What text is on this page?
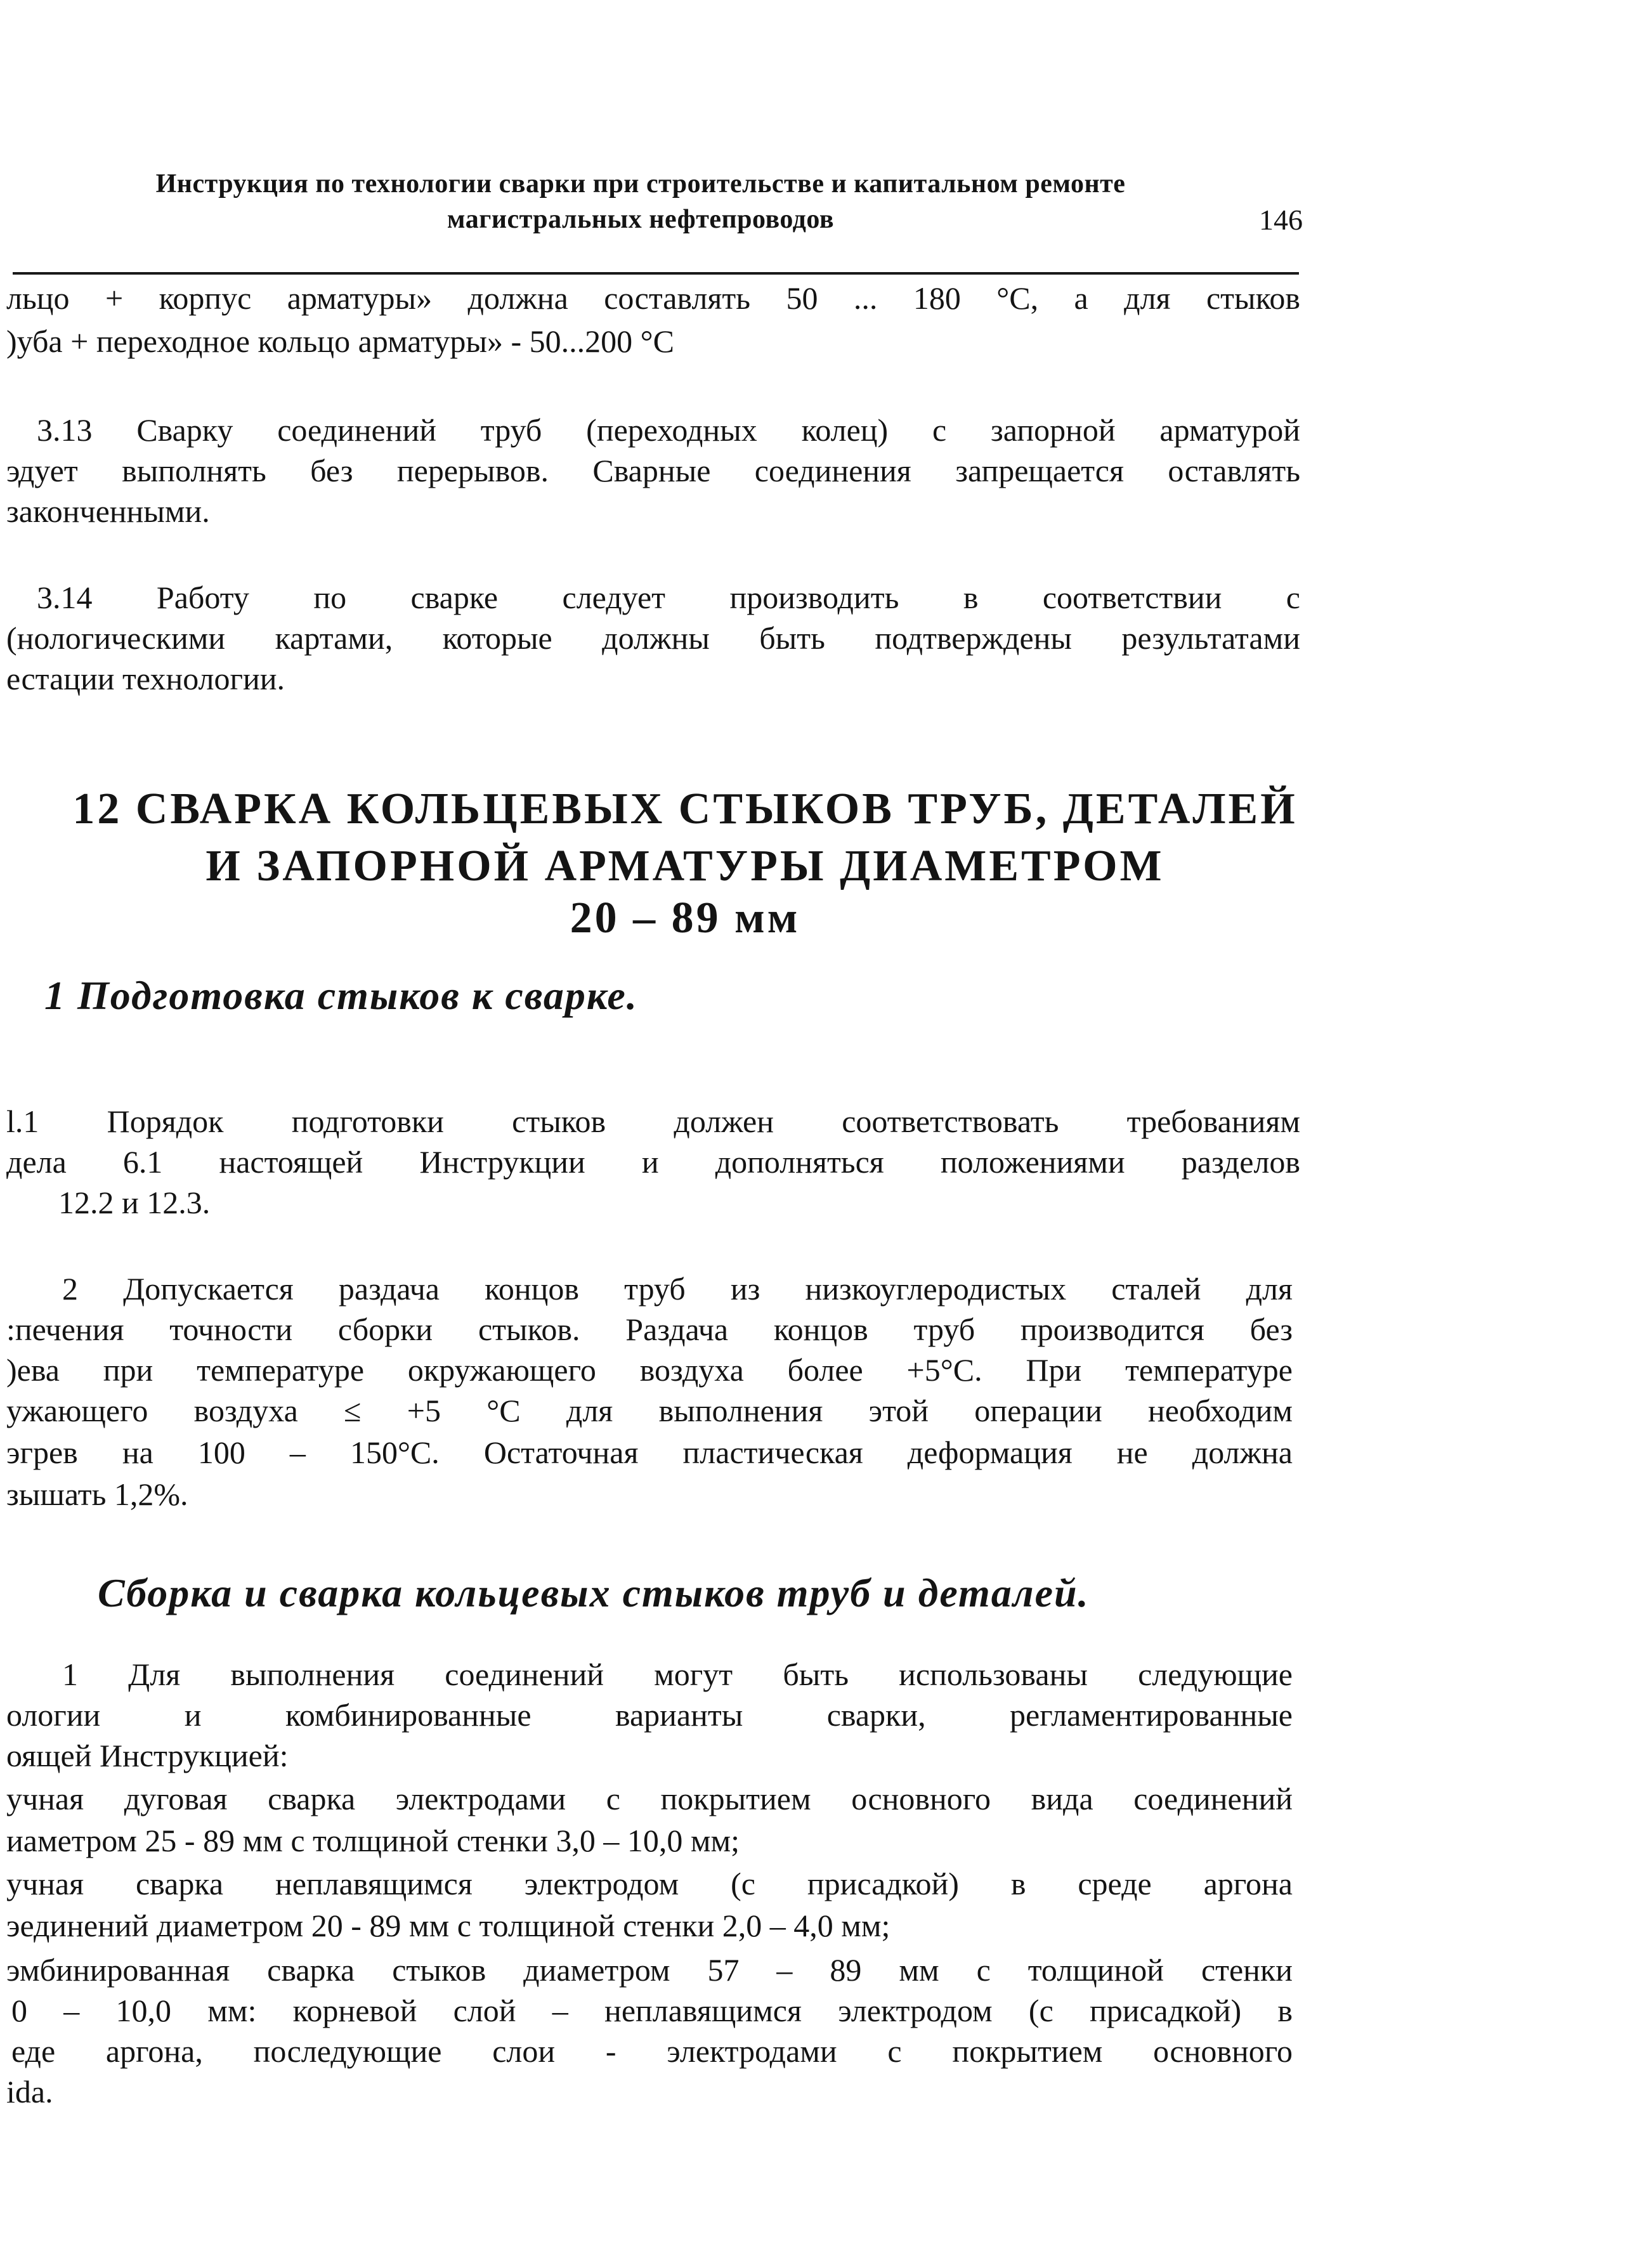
Инструкция по технологии сварки при строительстве и капитальном ремонте
магистральных нефтепроводов	146
льцо + корпус арматуры» должна составлять 50 ... 180 °С, а для стыков
)уба + переходное кольцо арматуры» - 50...200 °С
3.13 Сварку соединений труб (переходных колец) с запорной арматурой
эдует выполнять без перерывов. Сварные соединения запрещается оставлять
законченными.
3.14 Работу по сварке следует производить в соответствии с
(нологическими картами, которые должны быть подтверждены результатами
естации технологии.
12 СВАРКА КОЛЬЦЕВЫХ СТЫКОВ ТРУБ, ДЕТАЛЕЙ
И ЗАПОРНОЙ АРМАТУРЫ ДИАМЕТРОМ
20 – 89 мм
1 Подготовка стыков к сварке.
l.1 Порядок подготовки стыков должен соответствовать требованиям
дела 6.1 настоящей Инструкции и дополняться положениями разделов
12.2 и 12.3.
2 Допускается раздача концов труб из низкоуглеродистых сталей для
:печения точности сборки стыков. Раздача концов труб производится без
)ева при температуре окружающего воздуха более +5°С. При температуре
ужающего воздуха ≤ +5 °С для выполнения этой операции необходим
эгрев на 100 – 150°С. Остаточная пластическая деформация не должна
зышать 1,2%.
Сборка и сварка кольцевых стыков труб и деталей.
1 Для выполнения соединений могут быть использованы следующие
ологии и комбинированные варианты сварки, регламентированные
оящей Инструкцией:
учная дуговая сварка электродами с покрытием основного вида соединений
иаметром 25 - 89 мм с толщиной стенки 3,0 – 10,0 мм;
учная сварка неплавящимся электродом (с присадкой) в среде аргона
эединений диаметром 20 - 89 мм с толщиной стенки 2,0 – 4,0 мм;
эмбинированная сварка стыков диаметром 57 – 89 мм с толщиной стенки
0 – 10,0 мм: корневой слой – неплавящимся электродом (с присадкой) в
еде аргона, последующие слои - электродами с покрытием основного
ida.
